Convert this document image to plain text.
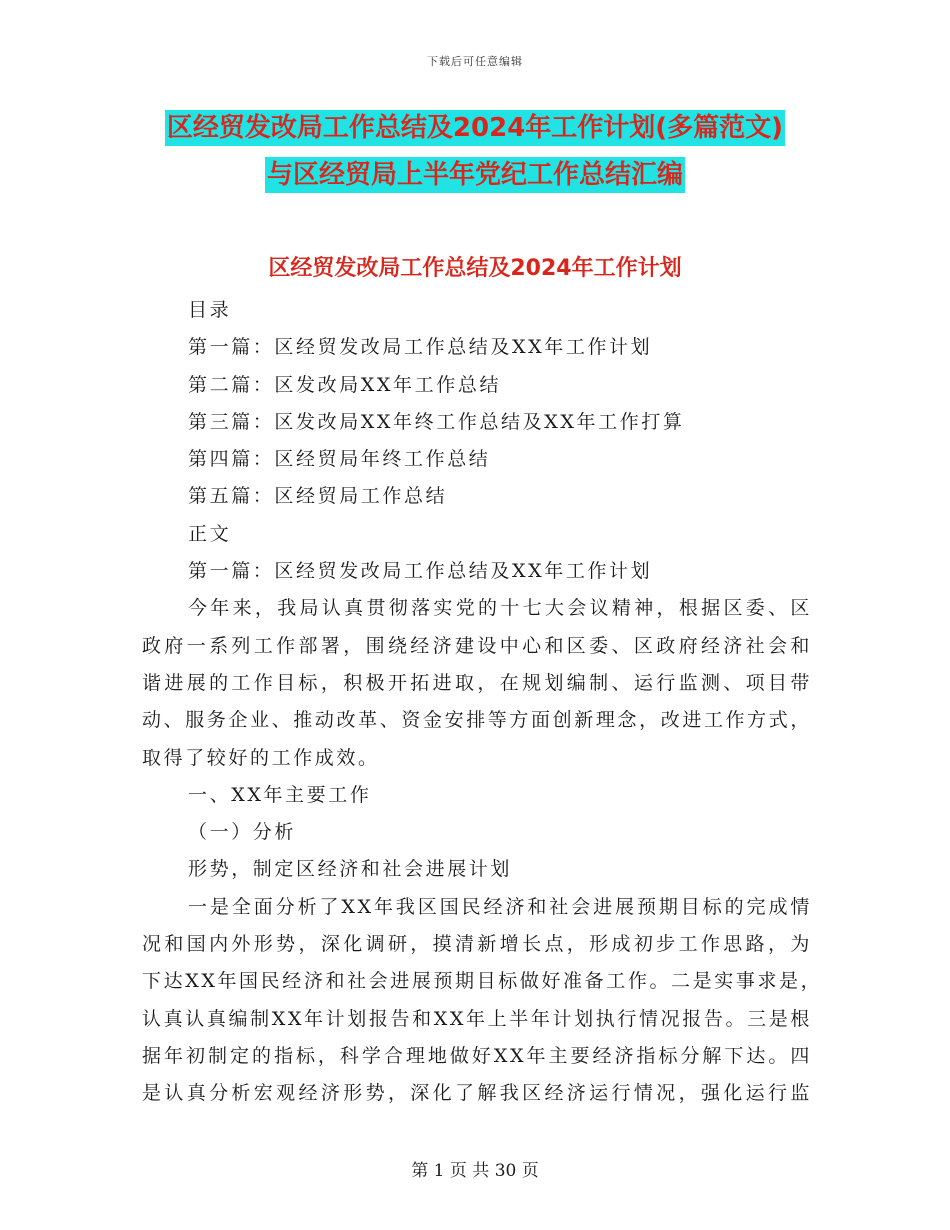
下载后可任意编辑
区经贸发改局工作总结及2024年工作计划(多篇范文)
与区经贸局上半年党纪工作总结汇编
区经贸发改局工作总结及2024年工作计划
目录
第一篇：区经贸发改局工作总结及XX年工作计划
第二篇：区发改局XX年工作总结
第三篇：区发改局XX年终工作总结及XX年工作打算
第四篇：区经贸局年终工作总结
第五篇：区经贸局工作总结
正文
第一篇：区经贸发改局工作总结及XX年工作计划
今年来，我局认真贯彻落实党的十七大会议精神，根据区委、区
政府一系列工作部署，围绕经济建设中心和区委、区政府经济社会和
谐进展的工作目标，积极开拓进取，在规划编制、运行监测、项目带
动、服务企业、推动改革、资金安排等方面创新理念，改进工作方式，
取得了较好的工作成效。
一、XX年主要工作
（一）分析
形势，制定区经济和社会进展计划
一是全面分析了XX年我区国民经济和社会进展预期目标的完成情
况和国内外形势，深化调研，摸清新增长点，形成初步工作思路，为
下达XX年国民经济和社会进展预期目标做好准备工作。二是实事求是，
认真认真编制XX年计划报告和XX年上半年计划执行情况报告。三是根
据年初制定的指标，科学合理地做好XX年主要经济指标分解下达。四
是认真分析宏观经济形势，深化了解我区经济运行情况，强化运行监
第 1 页 共 30 页
